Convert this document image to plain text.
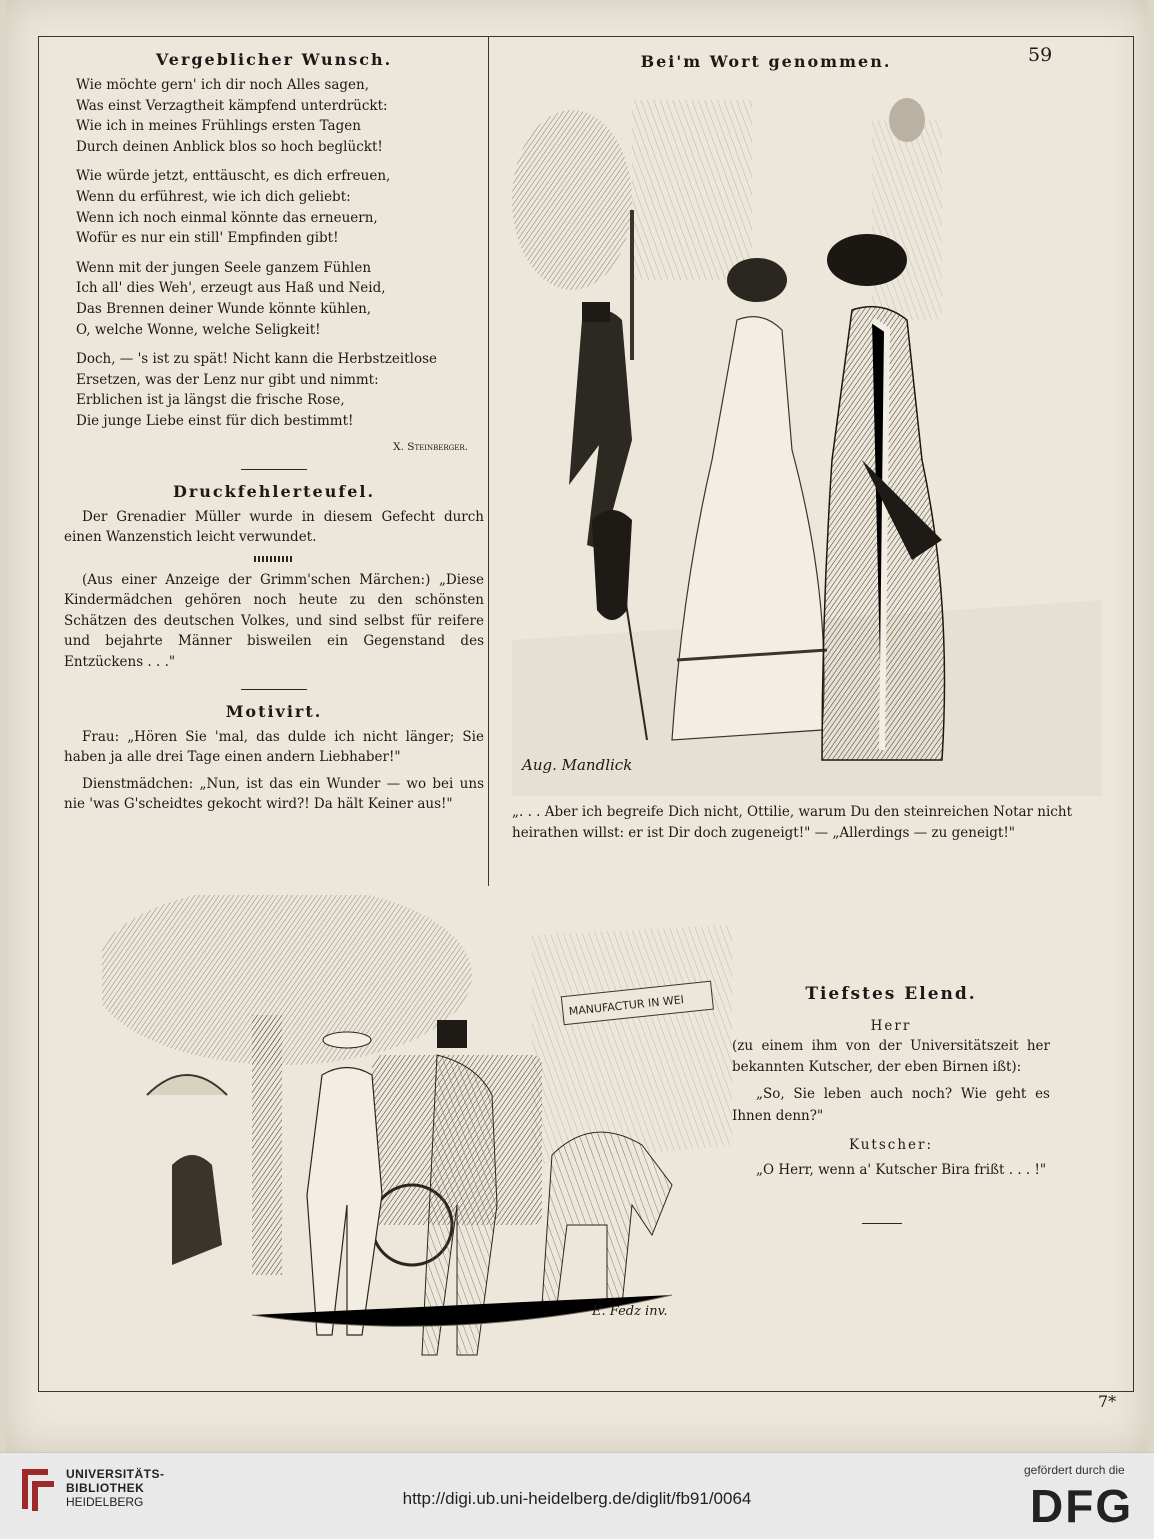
59
7*
Vergeblicher Wunsch.
Wie möchte gern' ich dir noch Alles sagen,
Was einst Verzagtheit kämpfend unterdrückt:
Wie ich in meines Frühlings ersten Tagen
Durch deinen Anblick blos so hoch beglückt!
Wie würde jetzt, enttäuscht, es dich erfreuen,
Wenn du erführest, wie ich dich geliebt:
Wenn ich noch einmal könnte das erneuern,
Wofür es nur ein still' Empfinden gibt!
Wenn mit der jungen Seele ganzem Fühlen
Ich all' dies Weh', erzeugt aus Haß und Neid,
Das Brennen deiner Wunde könnte kühlen,
O, welche Wonne, welche Seligkeit!
Doch, — 's ist zu spät! Nicht kann die Herbstzeitlose
Ersetzen, was der Lenz nur gibt und nimmt:
Erblichen ist ja längst die frische Rose,
Die junge Liebe einst für dich bestimmt!
X. Steinberger.
Druckfehlerteufel.

Der Grenadier Müller wurde in diesem Gefecht durch einen Wanzenstich leicht verwundet.

(Aus einer Anzeige der Grimm'schen Märchen:) „Diese Kindermädchen gehören noch heute zu den schönsten Schätzen des deutschen Volkes, und sind selbst für reifere und bejahrte Männer bisweilen ein Gegenstand des Entzückens . . ."

Motivirt.

Frau: „Hören Sie 'mal, das dulde ich nicht länger; Sie haben ja alle drei Tage einen andern Liebhaber!"

Dienstmädchen: „Nun, ist das ein Wunder — wo bei uns nie 'was G'scheidtes gekocht wird?! Da hält Keiner aus!"

Bei'm Wort genommen.
Aug. Mandlick
„. . . Aber ich begreife Dich nicht, Ottilie, warum Du den steinreichen Notar nicht heirathen willst: er ist Dir doch zugeneigt!" — „Allerdings — zu geneigt!"
MANUFACTUR IN WEI
E. Fedz inv.
Tiefstes Elend.
Herr
(zu einem ihm von der Universitätszeit her bekannten Kutscher, der eben Birnen ißt):
„So, Sie leben auch noch? Wie geht es Ihnen denn?"
Kutscher:
„O Herr, wenn a' Kutscher Bira frißt . . . !"
UNIVERSITÄTS-
BIBLIOTHEK
HEIDELBERG	http://digi.ub.uni-heidelberg.de/diglit/fb91/0064
gefördert durch die
DFG
